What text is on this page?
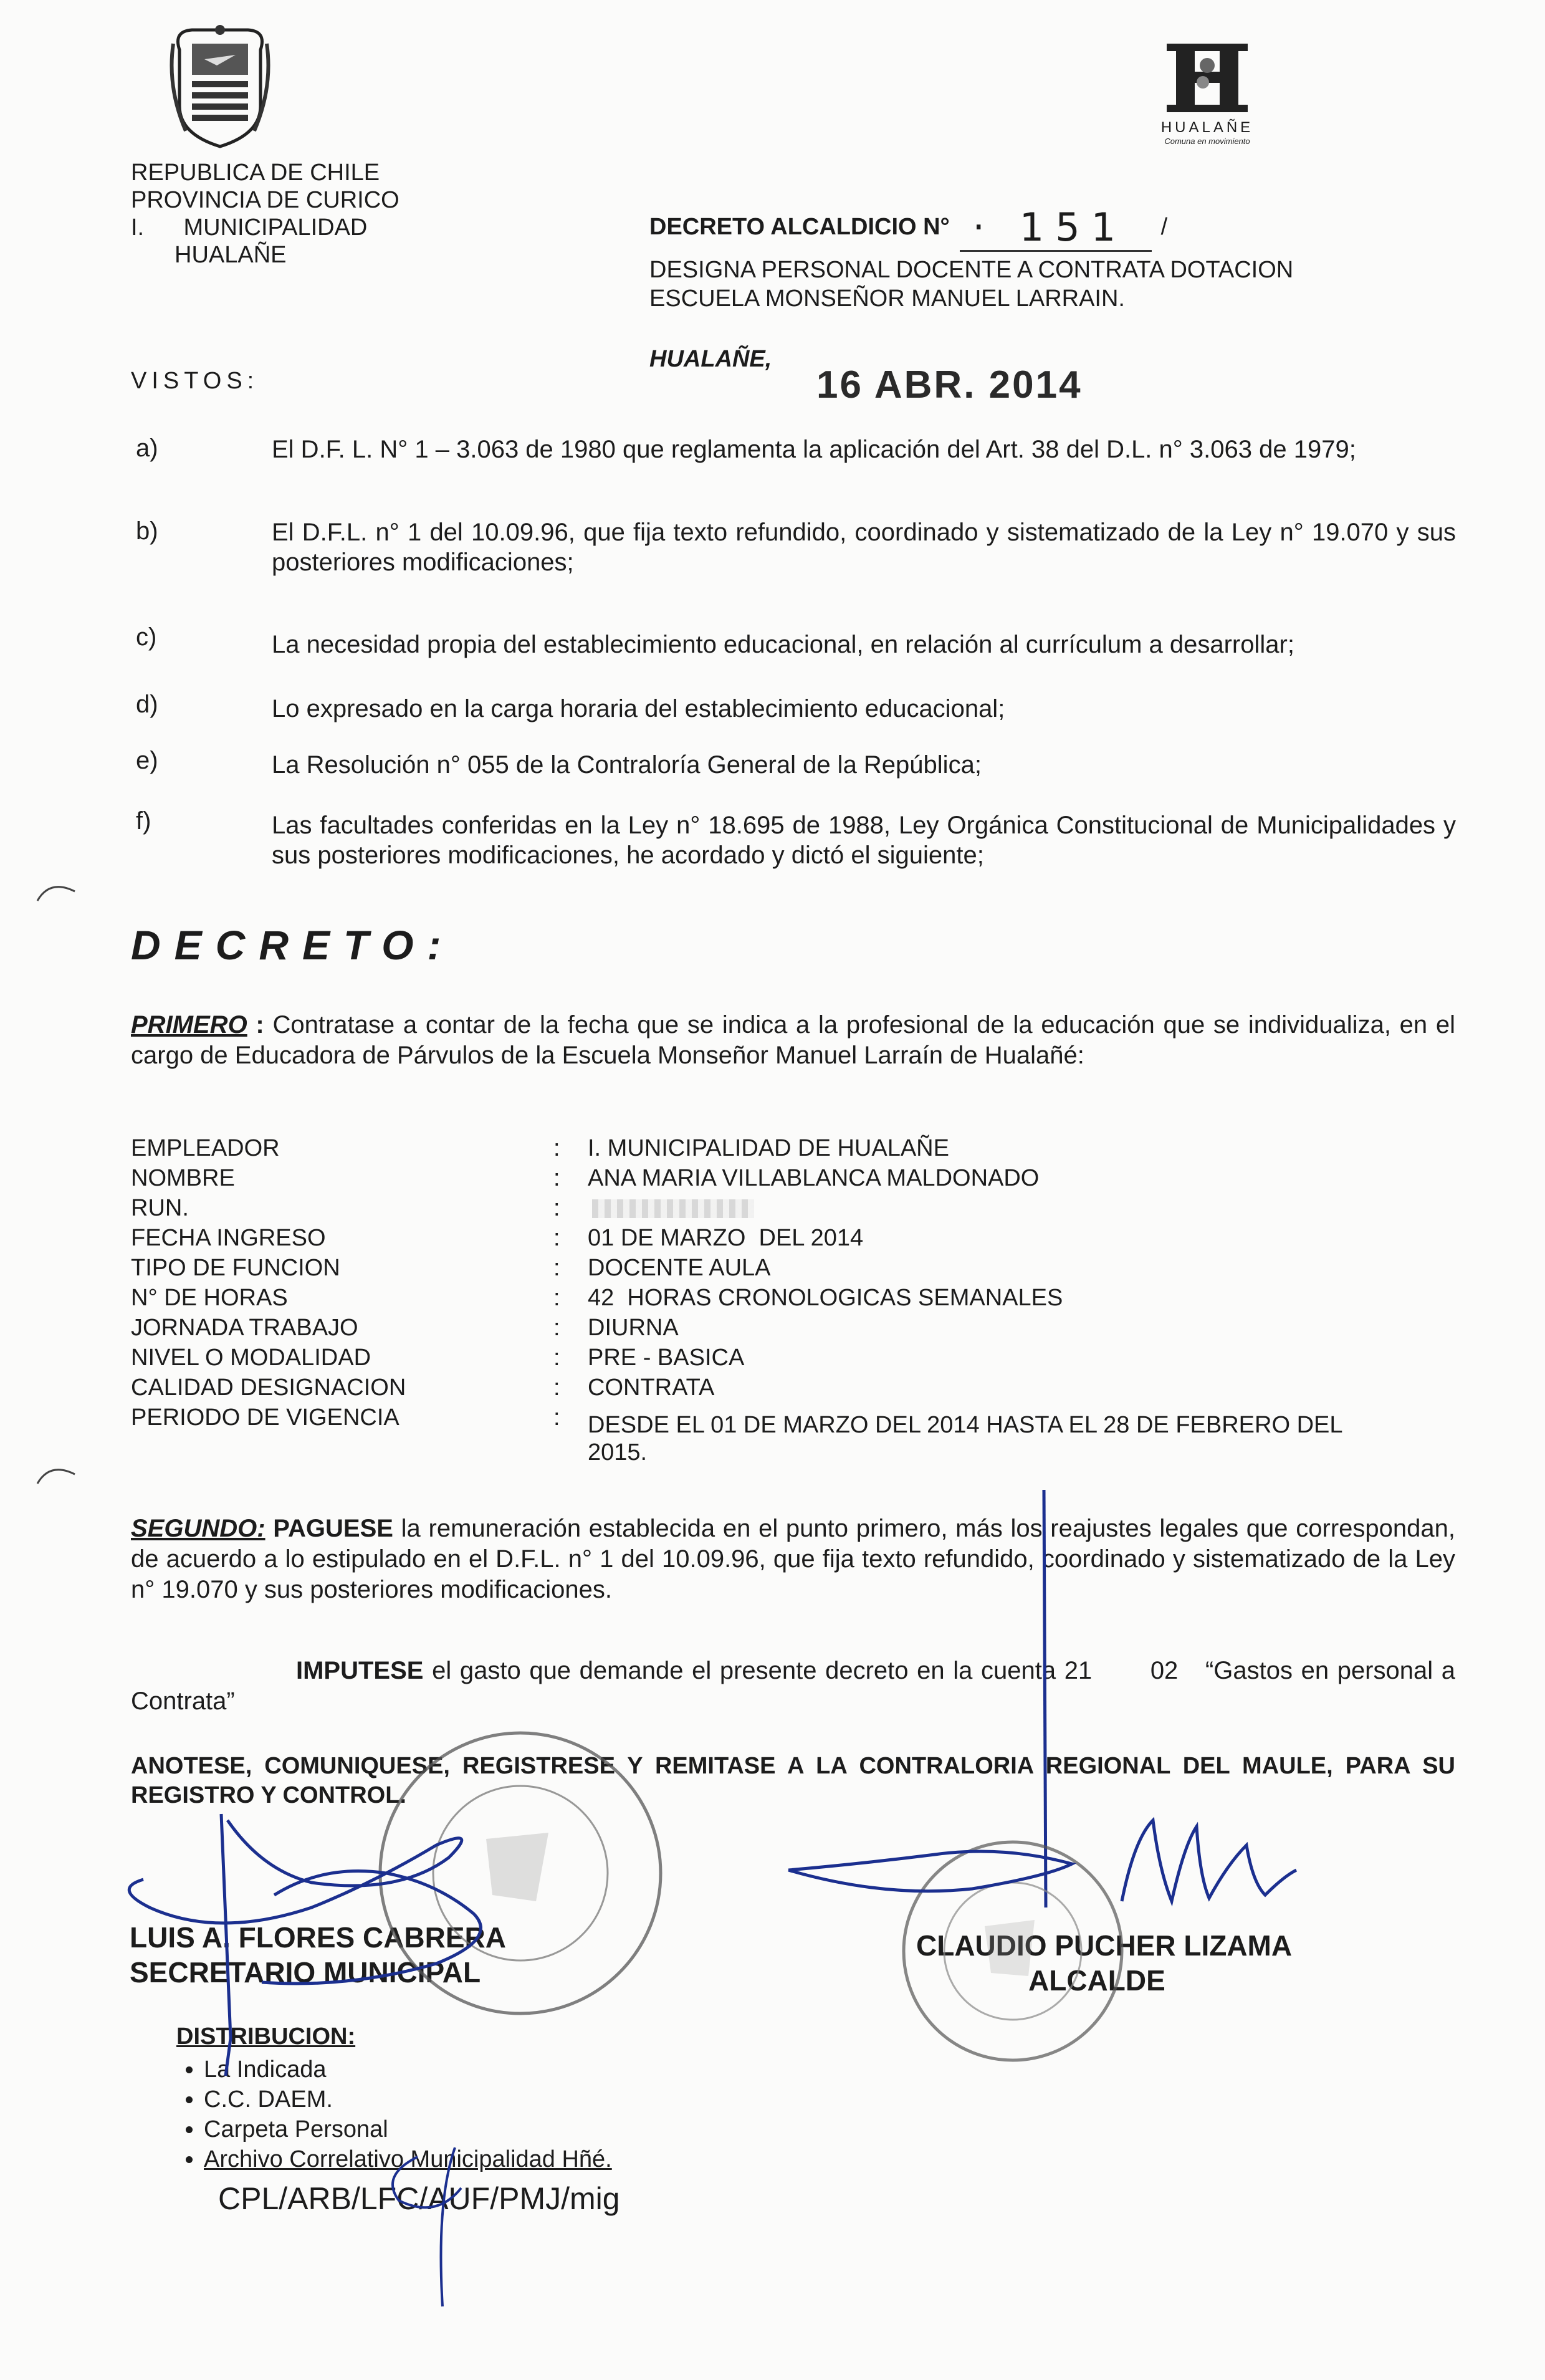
REPUBLICA DE CHILE
PROVINCIA DE CURICO
I.      MUNICIPALIDAD
HUALAÑE
HUALAÑE
Comuna en movimiento
DECRETO ALCALDICIO N° · 151 /
DESIGNA PERSONAL DOCENTE A CONTRATA DOTACION ESCUELA MONSEÑOR MANUEL LARRAIN.
VISTOS:
HUALAÑE,
16 ABR. 2014
a)	El D.F. L. N° 1 – 3.063 de 1980 que reglamenta la aplicación del Art. 38 del D.L. n° 3.063 de 1979;
b)	El D.F.L. n° 1 del 10.09.96, que fija texto refundido, coordinado y sistematizado de la Ley n° 19.070 y sus posteriores modificaciones;
c)	La necesidad propia del establecimiento educacional, en relación al currículum a desarrollar;
d)	Lo expresado en la carga horaria del establecimiento educacional;
e)	La Resolución n° 055 de la Contraloría General de la República;
f)	Las facultades conferidas en la Ley n° 18.695 de 1988, Ley Orgánica Constitucional de Municipalidades y sus posteriores modificaciones, he acordado y dictó el siguiente;
DECRETO:
PRIMERO : Contratase a contar de la fecha que se indica a la profesional de la educación que se individualiza, en el cargo de Educadora de Párvulos de la Escuela Monseñor Manuel Larraín de Hualañé:
EMPLEADOR	: I. MUNICIPALIDAD DE HUALAÑE
NOMBRE	: ANA MARIA VILLABLANCA MALDONADO
RUN.	:
FECHA INGRESO	: 01 DE MARZO  DEL 2014
TIPO DE FUNCION	: DOCENTE AULA
N° DE HORAS	: 42  HORAS CRONOLOGICAS SEMANALES
JORNADA TRABAJO	: DIURNA
NIVEL O MODALIDAD	: PRE - BASICA
CALIDAD DESIGNACION	: CONTRATA
PERIODO DE VIGENCIA	: DESDE EL 01 DE MARZO DEL 2014 HASTA EL 28 DE FEBRERO DEL
2015.
SEGUNDO: PAGUESE la remuneración establecida en el punto primero, más los reajustes legales que correspondan, de acuerdo a lo estipulado en el D.F.L. n° 1 del 10.09.96, que fija texto refundido, coordinado y sistematizado de la Ley n° 19.070 y sus posteriores modificaciones.
IMPUTESE el gasto que demande el presente decreto en la cuenta 21 02 “Gastos en personal a Contrata”
ANOTESE, COMUNIQUESE, REGISTRESE Y REMITASE A LA CONTRALORIA REGIONAL DEL MAULE, PARA SU REGISTRO Y CONTROL.
LUIS A. FLORES CABRERA
SECRETARIO MUNICIPAL
CLAUDIO PUCHER LIZAMA
ALCALDE
DISTRIBUCION:
• La Indicada
• C.C. DAEM.
• Carpeta Personal
• Archivo Correlativo Municipalidad Hñé.
CPL/ARB/LFC/AUF/PMJ/mig
